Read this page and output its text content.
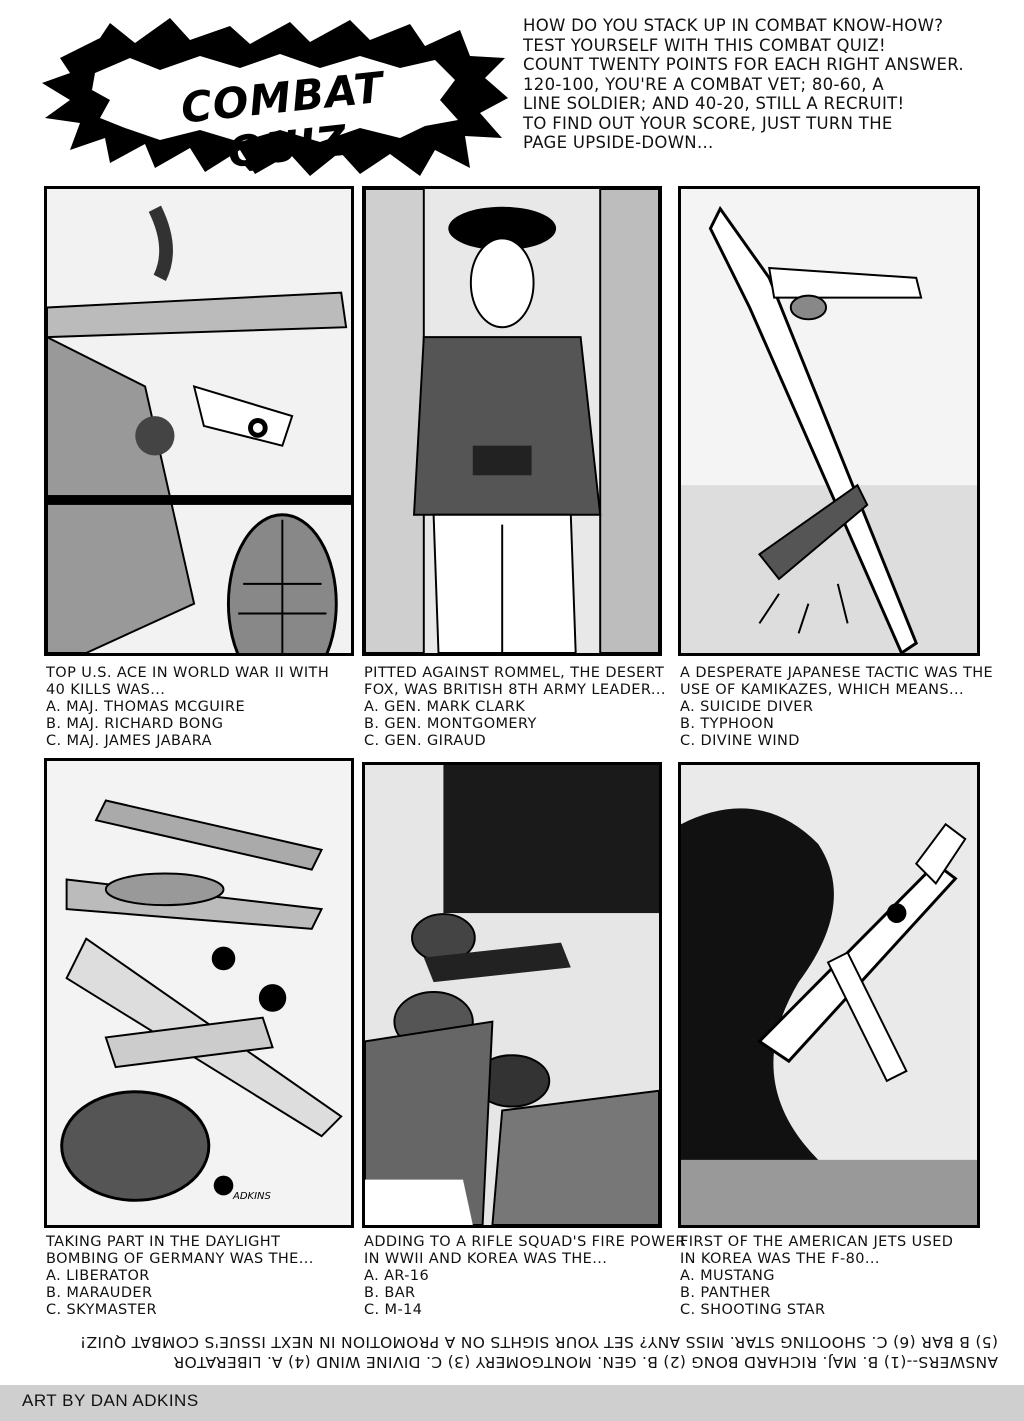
COMBAT QUIZ
HOW DO YOU STACK UP IN COMBAT KNOW-HOW?
TEST YOURSELF WITH THIS COMBAT QUIZ!
COUNT TWENTY POINTS FOR EACH RIGHT ANSWER.
120-100, YOU'RE A COMBAT VET; 80-60, A
LINE SOLDIER; AND 40-20, STILL A RECRUIT!
TO FIND OUT YOUR SCORE, JUST TURN THE
PAGE UPSIDE-DOWN...
TOP U.S. ACE IN WORLD WAR II WITH
40 KILLS WAS...
A. MAJ. THOMAS MCGUIRE
B. MAJ. RICHARD BONG
C. MAJ. JAMES JABARA
PITTED AGAINST ROMMEL, THE DESERT
FOX, WAS BRITISH 8TH ARMY LEADER...
A. GEN. MARK CLARK
B. GEN. MONTGOMERY
C. GEN. GIRAUD
A DESPERATE JAPANESE TACTIC WAS THE
USE OF KAMIKAZES, WHICH MEANS...
A. SUICIDE DIVER
B. TYPHOON
C. DIVINE WIND
ADKINS
TAKING PART IN THE DAYLIGHT
BOMBING OF GERMANY WAS THE...
A. LIBERATOR
B. MARAUDER
C. SKYMASTER
ADDING TO A RIFLE SQUAD'S FIRE POWER
IN WWII AND KOREA WAS THE...
A. AR-16
B. BAR
C. M-14
FIRST OF THE AMERICAN JETS USED
IN KOREA WAS THE F-80...
A. MUSTANG
B. PANTHER
C. SHOOTING STAR
ANSWERS--(1) B. MAJ. RICHARD BONG (2) B. GEN. MONTGOMERY (3) C. DIVINE WIND (4) A. LIBERATOR
(5) B BAR (6) C. SHOOTING STAR. MISS ANY? SET YOUR SIGHTS ON A PROMOTION IN NEXT ISSUE'S COMBAT QUIZ!
ART BY DAN ADKINS
